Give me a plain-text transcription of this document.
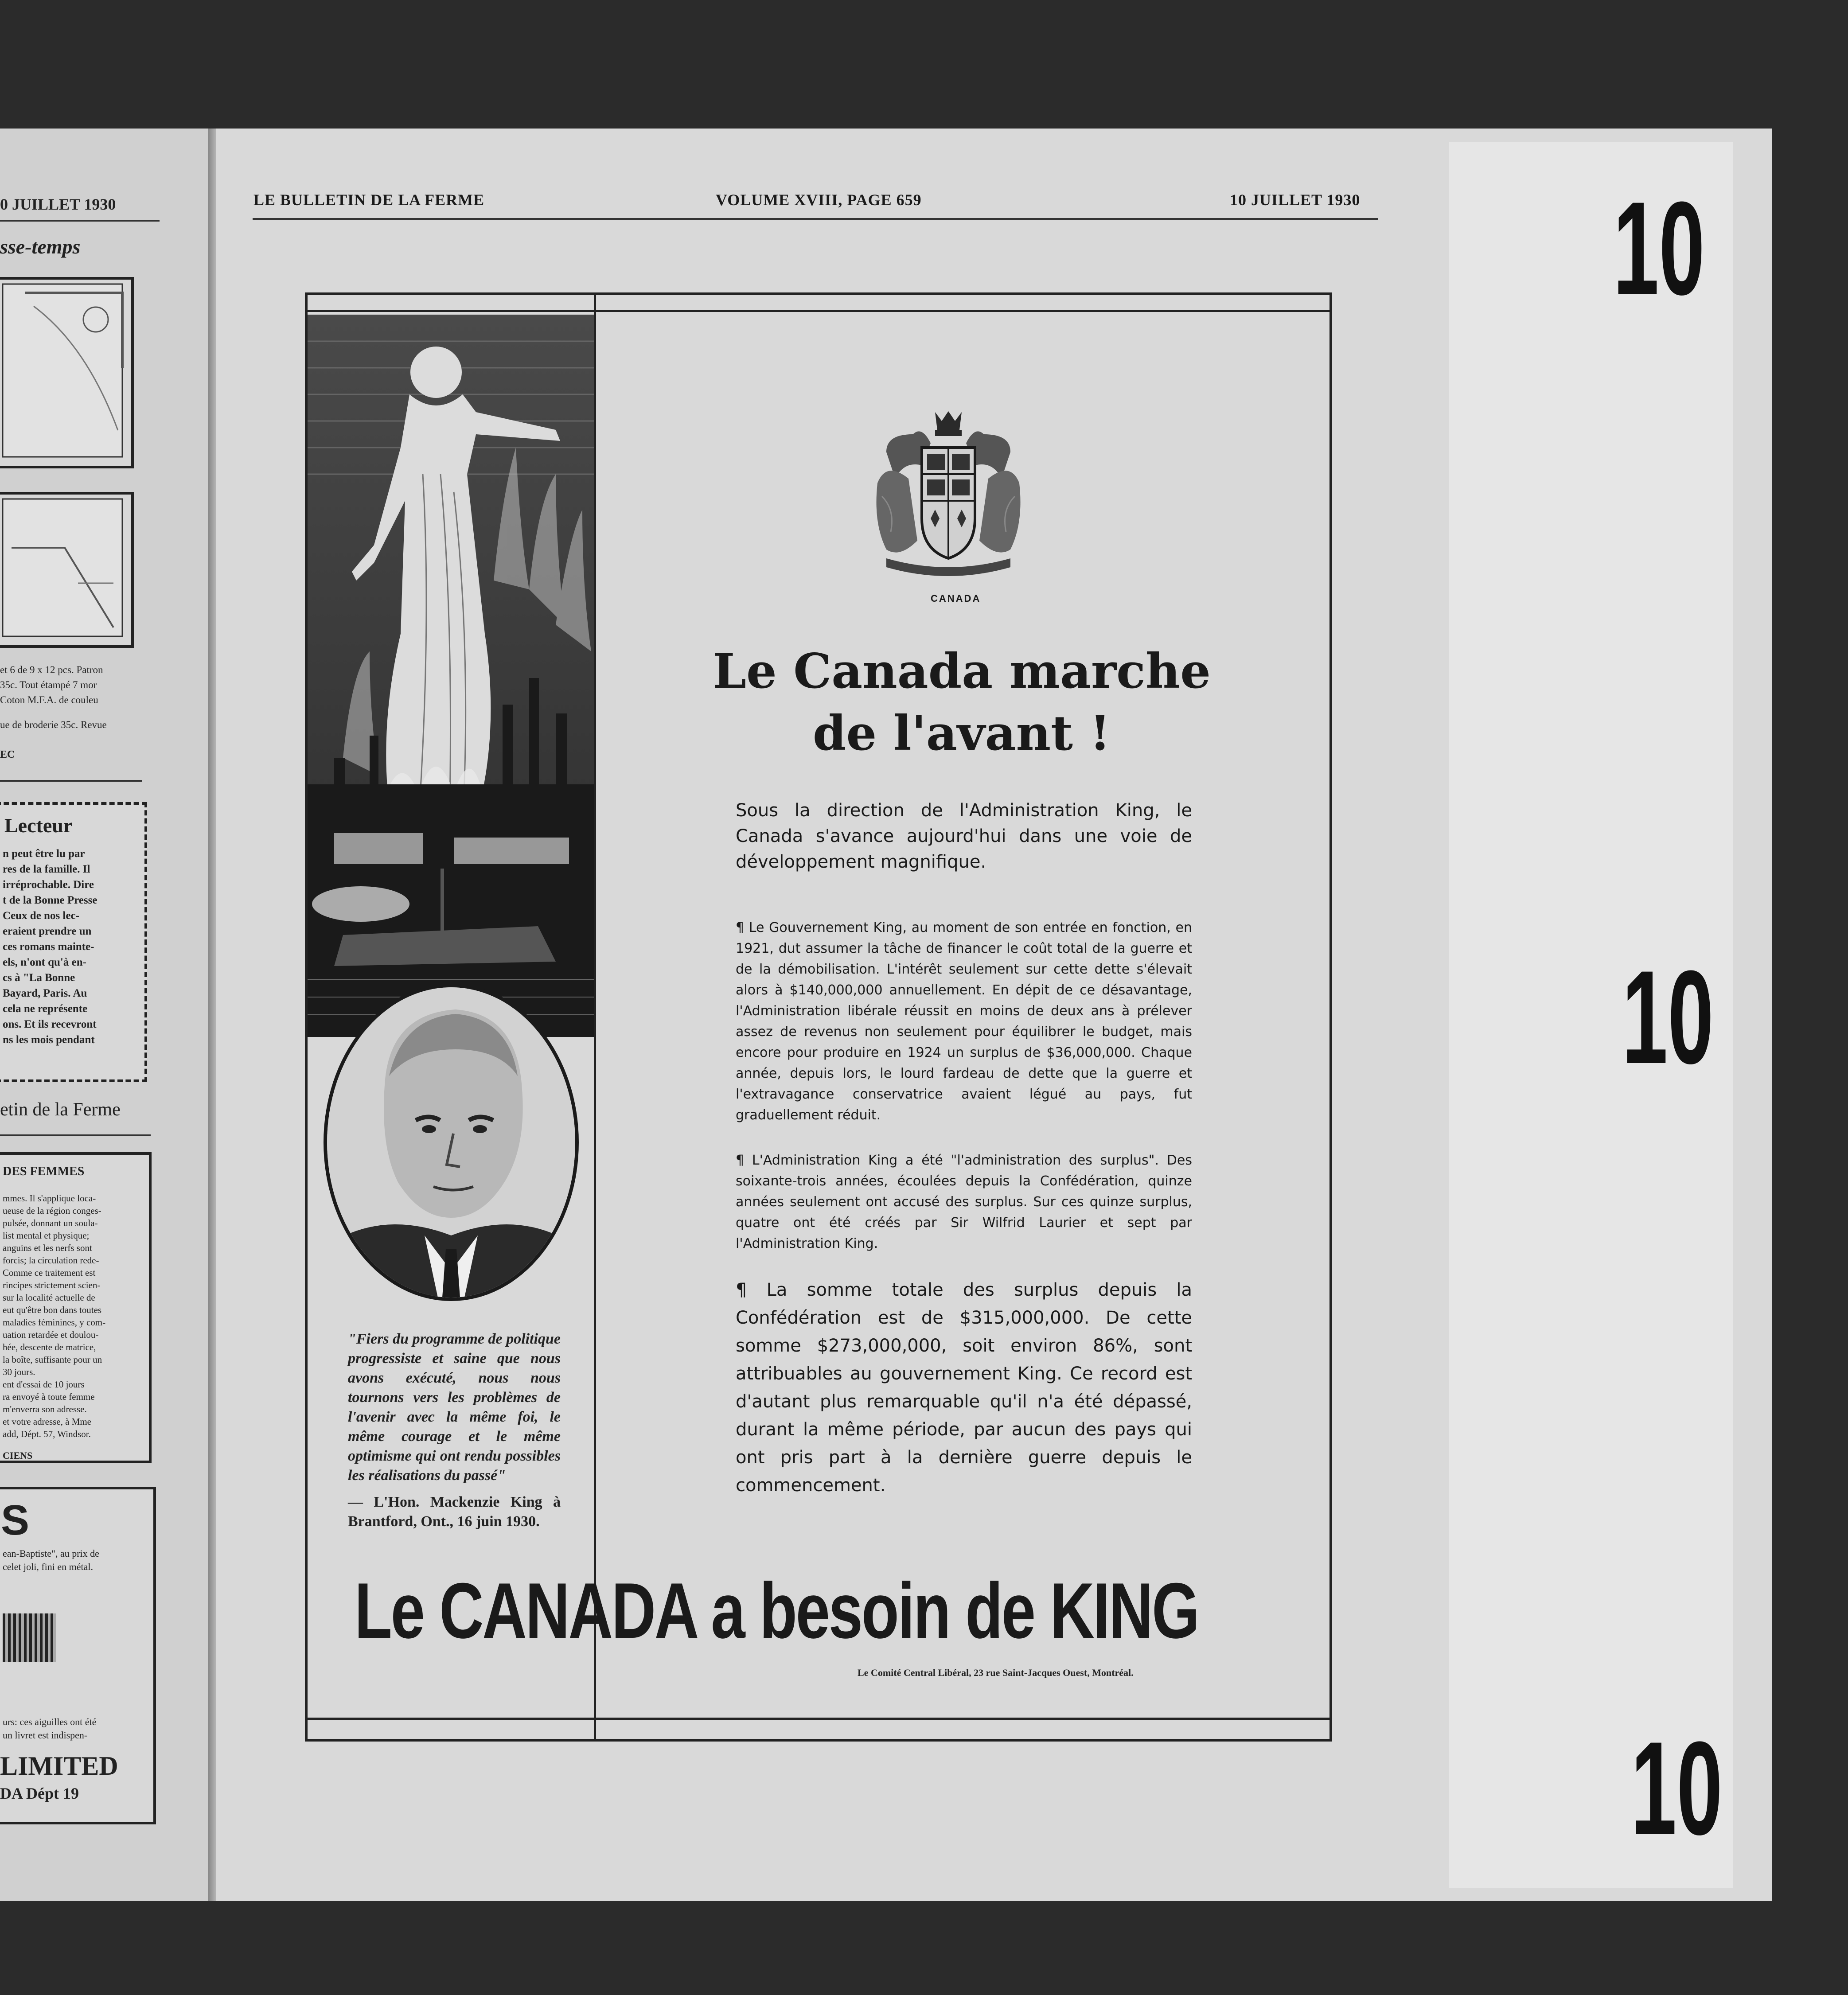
0 JUILLET 1930
sse-temps
et 6 de 9 x 12 pcs. Patron
35c. Tout étampé 7 mor
Coton M.F.A. de couleu
ue de broderie 35c. Revue
EC
Lecteur
n peut être lu par
res de la famille. Il
irréprochable. Dire
t de la Bonne Presse
Ceux de nos lec-
eraient prendre un
ces romans mainte-
els, n'ont qu'à en-
cs à "La Bonne
Bayard, Paris. Au
cela ne représente
ons. Et ils recevront
ns les mois pendant
etin de la Ferme
DES FEMMES
mmes. Il s'applique loca-
ueuse de la région conges-
pulsée, donnant un soula-
list mental et physique;
anguins et les nerfs sont
forcis; la circulation rede-
Comme ce traitement est
rincipes strictement scien-
sur la localité actuelle de
eut qu'être bon dans toutes
maladies féminines, y com-
uation retardée et doulou-
hée, descente de matrice,
la boîte, suffisante pour un
30 jours.
ent d'essai de 10 jours
ra envoyé à toute femme
m'enverra son adresse.
et votre adresse, à Mme
add, Dépt. 57, Windsor.
CIENS
S
ean-Baptiste", au prix de
celet joli, fini en métal.
urs: ces aiguilles ont été
un livret est indispen-
LIMITED
DA Dépt 19
LE BULLETIN DE LA FERME	VOLUME XVIII, PAGE 659	10 JUILLET 1930
"Fiers du programme de politique progressiste et saine que nous avons exécuté, nous nous tournons vers les problèmes de l'avenir avec la même foi, le même courage et le même optimisme qui ont rendu possibles les réalisations du passé"
— L'Hon. Mackenzie King à Brantford, Ont., 16 juin 1930.
CANADA
Le Canada marche
de l'avant !
Sous la direction de l'Administration King, le Canada s'avance aujourd'hui dans une voie de développement magnifique.
¶ Le Gouvernement King, au moment de son entrée en fonction, en 1921, dut assumer la tâche de financer le coût total de la guerre et de la démobilisation. L'intérêt seulement sur cette dette s'élevait alors à $140,000,000 annuellement. En dépit de ce désavantage, l'Administration libérale réussit en moins de deux ans à prélever assez de revenus non seulement pour équilibrer le budget, mais encore pour produire en 1924 un surplus de $36,000,000. Chaque année, depuis lors, le lourd fardeau de dette que la guerre et l'extravagance conservatrice avaient légué au pays, fut graduellement réduit.
¶ L'Administration King a été "l'administration des surplus". Des soixante-trois années, écoulées depuis la Confédération, quinze années seulement ont accusé des surplus. Sur ces quinze surplus, quatre ont été créés par Sir Wilfrid Laurier et sept par l'Administration King.
¶ La somme totale des surplus depuis la Confédération est de $315,000,000. De cette somme $273,000,000, soit environ 86%, sont attribuables au gouvernement King. Ce record est d'autant plus remarquable qu'il n'a été dépassé, durant la même période, par aucun des pays qui ont pris part à la dernière guerre depuis le commencement.
Le CANADA a besoin de KING
Le Comité Central Libéral, 23 rue Saint-Jacques Ouest, Montréal.
10
10
10
